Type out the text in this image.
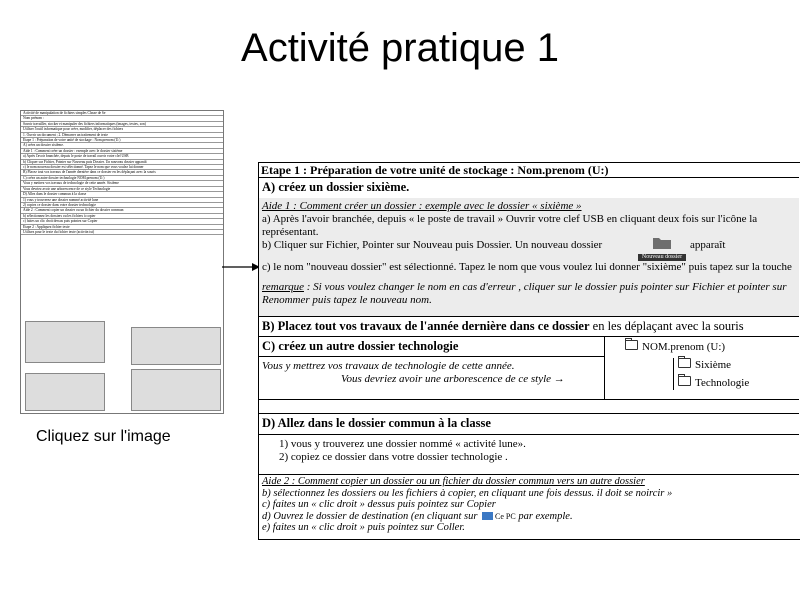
Activité pratique 1
Activité de manipulation de fichiers simples Classe de 6e
Nom prénom :
Savoir travailler, stocker et manipuler des fichiers informatiques (images, textes, son)
Utiliser l'outil informatique pour créer, modifier, déplacer des fichiers
1. Ouvrir un document ; 2. Démarrer un traitement de texte
Etape 1 : Préparation de votre unité de stockage : Nom.prenom (U:)
A) créez un dossier sixième.
Aide 1 : Comment créer un dossier : exemple avec le dossier sixième
a) Après l'avoir branchée, depuis le poste de travail ouvrir votre clef USB
b) Cliquer sur Fichier, Pointer sur Nouveau puis Dossier. Un nouveau dossier apparaît
c) le nom nouveau dossier est sélectionné. Tapez le nom que vous voulez lui donner
B) Placez tout vos travaux de l'année dernière dans ce dossier en les déplaçant avec la souris
C) créez un autre dossier technologie NOM.prenom (U:)
Vous y mettrez vos travaux de technologie de cette année. Sixième
Vous devriez avoir une arborescence de ce style Technologie
D) Allez dans le dossier commun à la classe
1) vous y trouverez une dossier nommé activité lune
2) copiez ce dossier dans votre dossier technologie
Aide 2 : Comment copier un dossier ou un fichier du dossier commun
b) sélectionnez les dossiers ou les fichiers à copier
c) faites un clic droit dessus puis pointez sur Copier
Etape 2 : Appliquez fichier texte
Utilisez pour le texte du fichier texte (activite.txt)
Cliquez sur l'image
Etape 1 : Préparation de votre unité de stockage : Nom.prenom (U:)
A) créez un dossier sixième.
Aide 1 : Comment créer un dossier : exemple avec le dossier « sixième »
a) Après l'avoir branchée, depuis « le poste de travail » Ouvrir votre clef USB en cliquant deux fois sur l'icône la
représentant.
b) Cliquer sur Fichier, Pointer sur Nouveau puis Dossier. Un nouveau dossier
Nouveau dossier
apparaît
c) le nom "nouveau dossier" est sélectionné. Tapez le nom que vous voulez lui donner "sixième" puis tapez sur la touche
remarque : Si vous voulez changer le nom en cas d'erreur , cliquer sur le dossier puis pointer sur Fichier et pointer sur
Renommer puis tapez le nouveau nom.
B) Placez tout vos travaux de l'année dernière dans ce dossier en les déplaçant avec la souris
C) créez un autre dossier technologie
Vous y mettrez vos travaux de technologie de cette année.
Vous devriez avoir une arborescence de ce style →
NOM.prenom (U:)
Sixième
Technologie
D) Allez dans le dossier commun à la classe
1) vous y trouverez une dossier nommé « activité lune».
2) copiez ce dossier dans votre dossier technologie .
Aide 2 : Comment copier un dossier ou un fichier du dossier commun vers un autre dossier
b) sélectionnez les dossiers ou les fichiers à copier, en cliquant une fois dessus. il doit se noircir »
c) faites un « clic droit » dessus puis pointez sur Copier
d) Ouvrez le dossier de destination (en cliquant sur Ce PC par exemple.
e) faites un « clic droit » puis pointez sur Coller.
